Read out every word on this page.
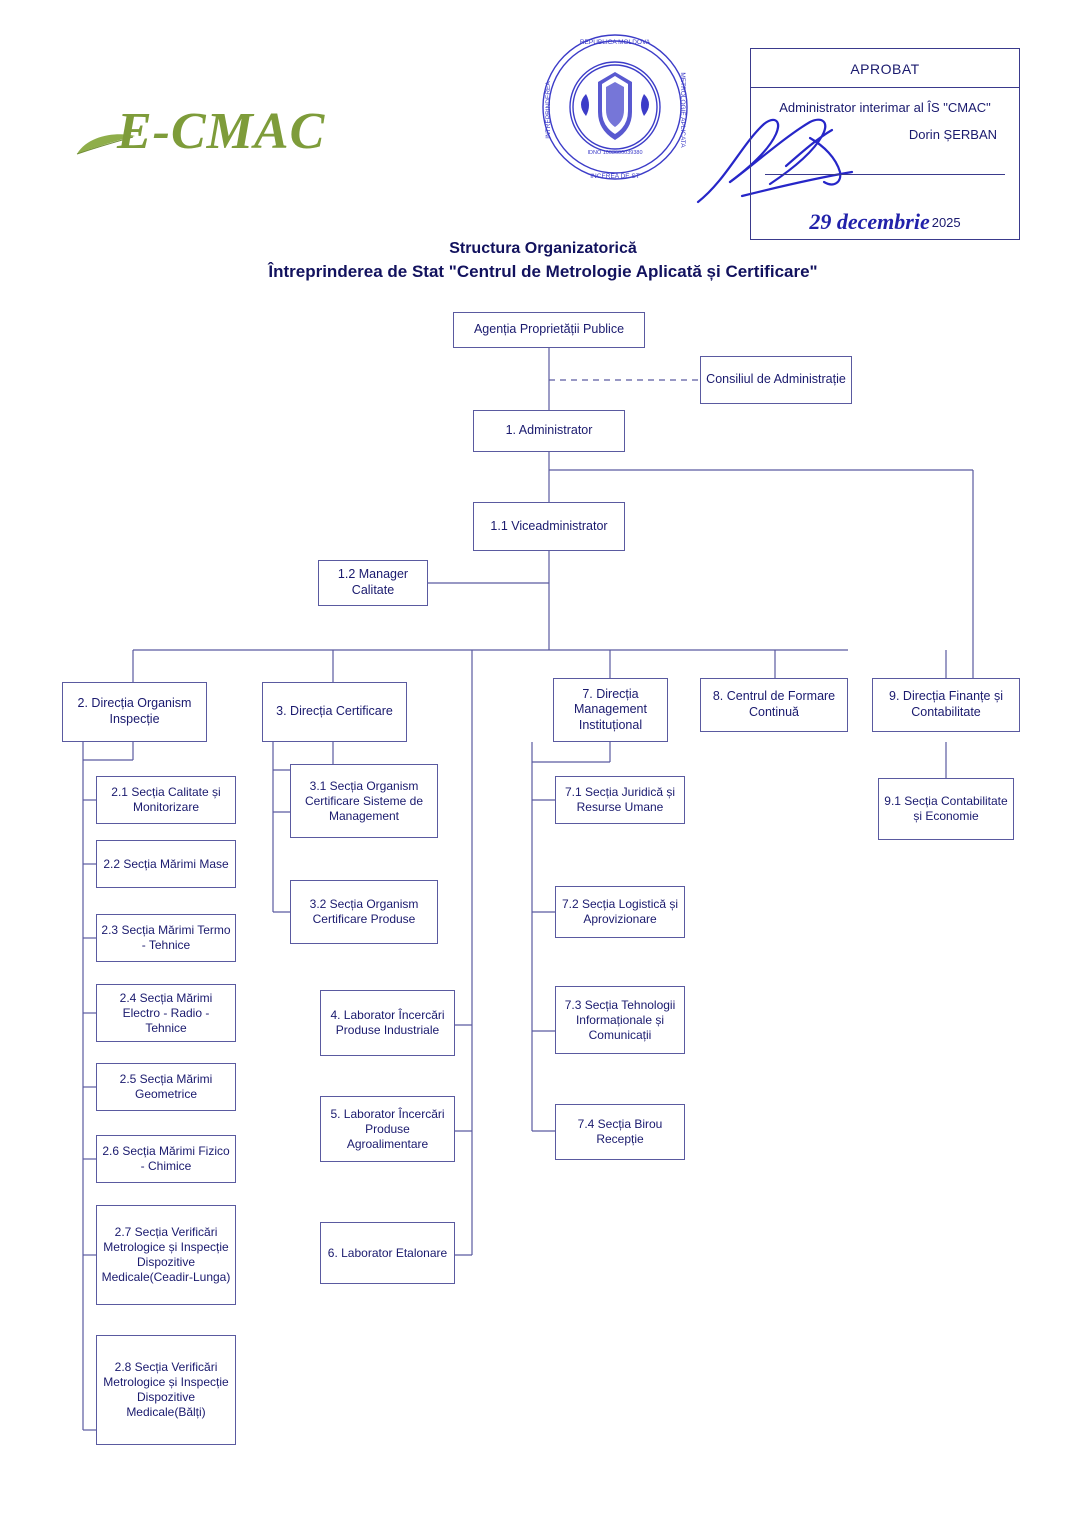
E-CMAC
REPUBLICA MOLDOVA
INCEREA DE ST
INTREPRINDEREA	METROLOGIE APLICATA
IDNO 1003600039380
APROBAT
Administrator interimar al ÎS "CMAC"
Dorin ȘERBAN
29 decembrie 2025
Structura Organizatorică
Întreprinderea de Stat "Centrul de Metrologie Aplicată și Certificare"
Agenția Proprietății Publice
Consiliul de Administrație
1. Administrator
1.1 Viceadministrator
1.2 Manager Calitate
2. Direcția Organism Inspecție
2.1 Secția Calitate și Monitorizare
2.2 Secția Mărimi Mase
2.3 Secția Mărimi Termo - Tehnice
2.4 Secția Mărimi Electro - Radio - Tehnice
2.5 Secția Mărimi Geometrice
2.6 Secția Mărimi Fizico - Chimice
2.7 Secția Verificări Metrologice și Inspecție Dispozitive Medicale(Ceadir-Lunga)
2.8 Secția Verificări Metrologice și Inspecție Dispozitive Medicale(Bălți)
3. Direcția Certificare
3.1 Secția Organism Certificare Sisteme de Management
3.2 Secția Organism Certificare Produse
4. Laborator Încercări Produse Industriale
5. Laborator Încercări Produse Agroalimentare
6. Laborator Etalonare
7. Direcția Management Instituțional
7.1 Secția Juridică și Resurse Umane
7.2 Secția Logistică și Aprovizionare
7.3 Secția Tehnologii Informaționale și Comunicații
7.4 Secția Birou Recepție
8. Centrul de Formare Continuă
9. Direcția Finanțe și Contabilitate
9.1 Secția Contabilitate și Economie
